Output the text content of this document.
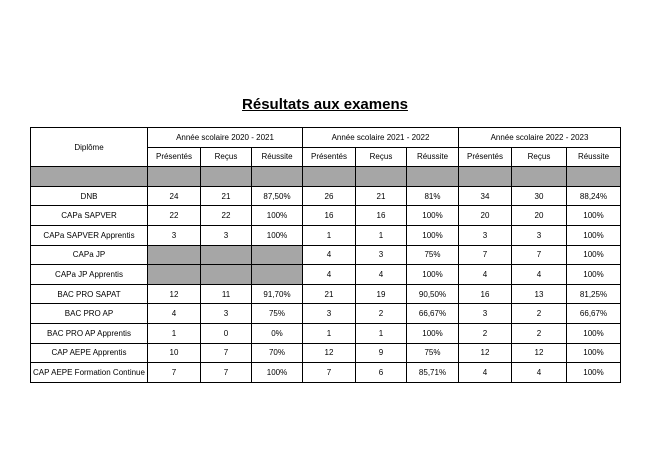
Résultats aux examens
Diplôme	Année scolaire 2020 - 2021			Année scolaire 2021 - 2022			Année scolaire 2022 - 2023		
	Présentés	Reçus	Réussite	Présentés	Reçus	Réussite	Présentés	Reçus	Réussite

DNB	24	21	87,50%	26	21	81%	34	30	88,24%
CAPa SAPVER	22	22	100%	16	16	100%	20	20	100%
CAPa SAPVER Apprentis	3	3	100%	1	1	100%	3	3	100%
CAPa JP				4	3	75%	7	7	100%
CAPa JP Apprentis				4	4	100%	4	4	100%
BAC PRO SAPAT	12	11	91,70%	21	19	90,50%	16	13	81,25%
BAC PRO AP	4	3	75%	3	2	66,67%	3	2	66,67%
BAC PRO AP Apprentis	1	0	0%	1	1	100%	2	2	100%
CAP AEPE Apprentis	10	7	70%	12	9	75%	12	12	100%
CAP AEPE Formation Continue	7	7	100%	7	6	85,71%	4	4	100%
